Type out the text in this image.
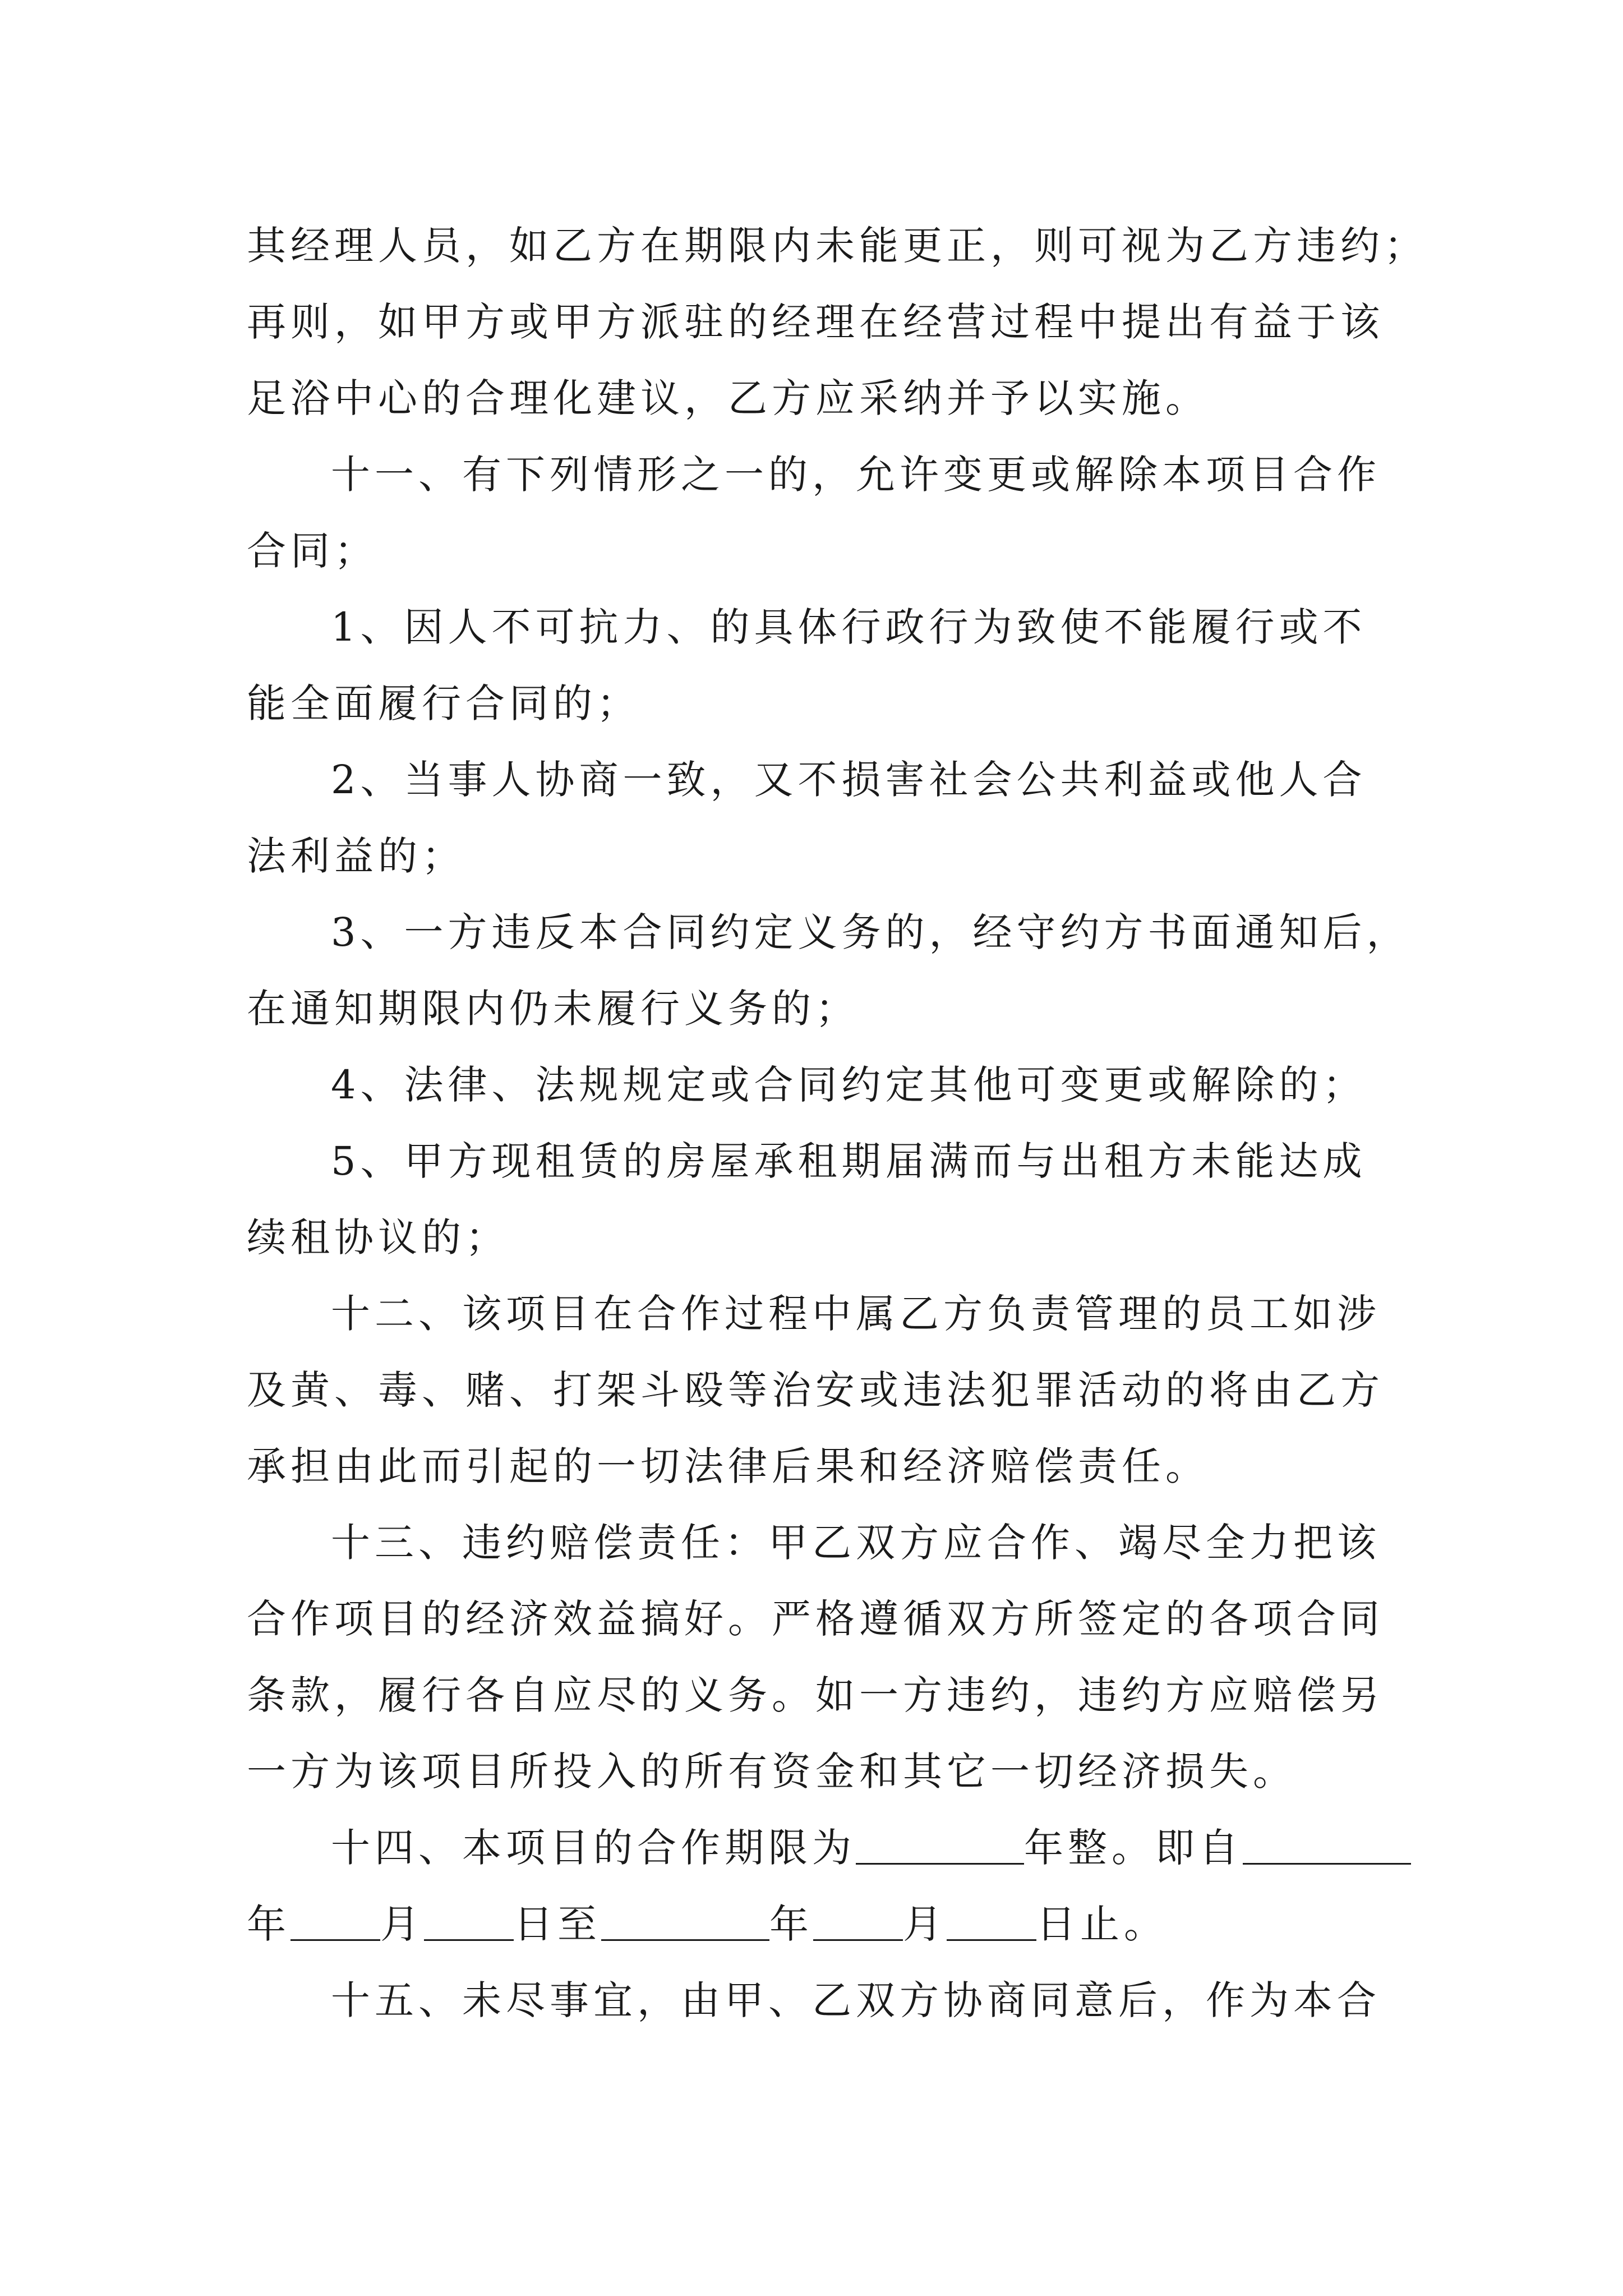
其经理人员，如乙方在期限内未能更正，则可视为乙方违约；
再则，如甲方或甲方派驻的经理在经营过程中提出有益于该
足浴中心的合理化建议，乙方应采纳并予以实施。
十一、有下列情形之一的，允许变更或解除本项目合作
合同；
1、因人不可抗力、的具体行政行为致使不能履行或不
能全面履行合同的；
2、当事人协商一致，又不损害社会公共利益或他人合
法利益的；
3、一方违反本合同约定义务的，经守约方书面通知后，
在通知期限内仍未履行义务的；
4、法律、法规规定或合同约定其他可变更或解除的；
5、甲方现租赁的房屋承租期届满而与出租方未能达成
续租协议的；
十二、该项目在合作过程中属乙方负责管理的员工如涉
及黄、毒、赌、打架斗殴等治安或违法犯罪活动的将由乙方
承担由此而引起的一切法律后果和经济赔偿责任。
十三、违约赔偿责任：甲乙双方应合作、竭尽全力把该
合作项目的经济效益搞好。严格遵循双方所签定的各项合同
条款，履行各自应尽的义务。如一方违约，违约方应赔偿另
一方为该项目所投入的所有资金和其它一切经济损失。
十四、本项目的合作期限为	年整。即自
年 月 日至	年 月 日止。
十五、未尽事宜，由甲、乙双方协商同意后，作为本合
